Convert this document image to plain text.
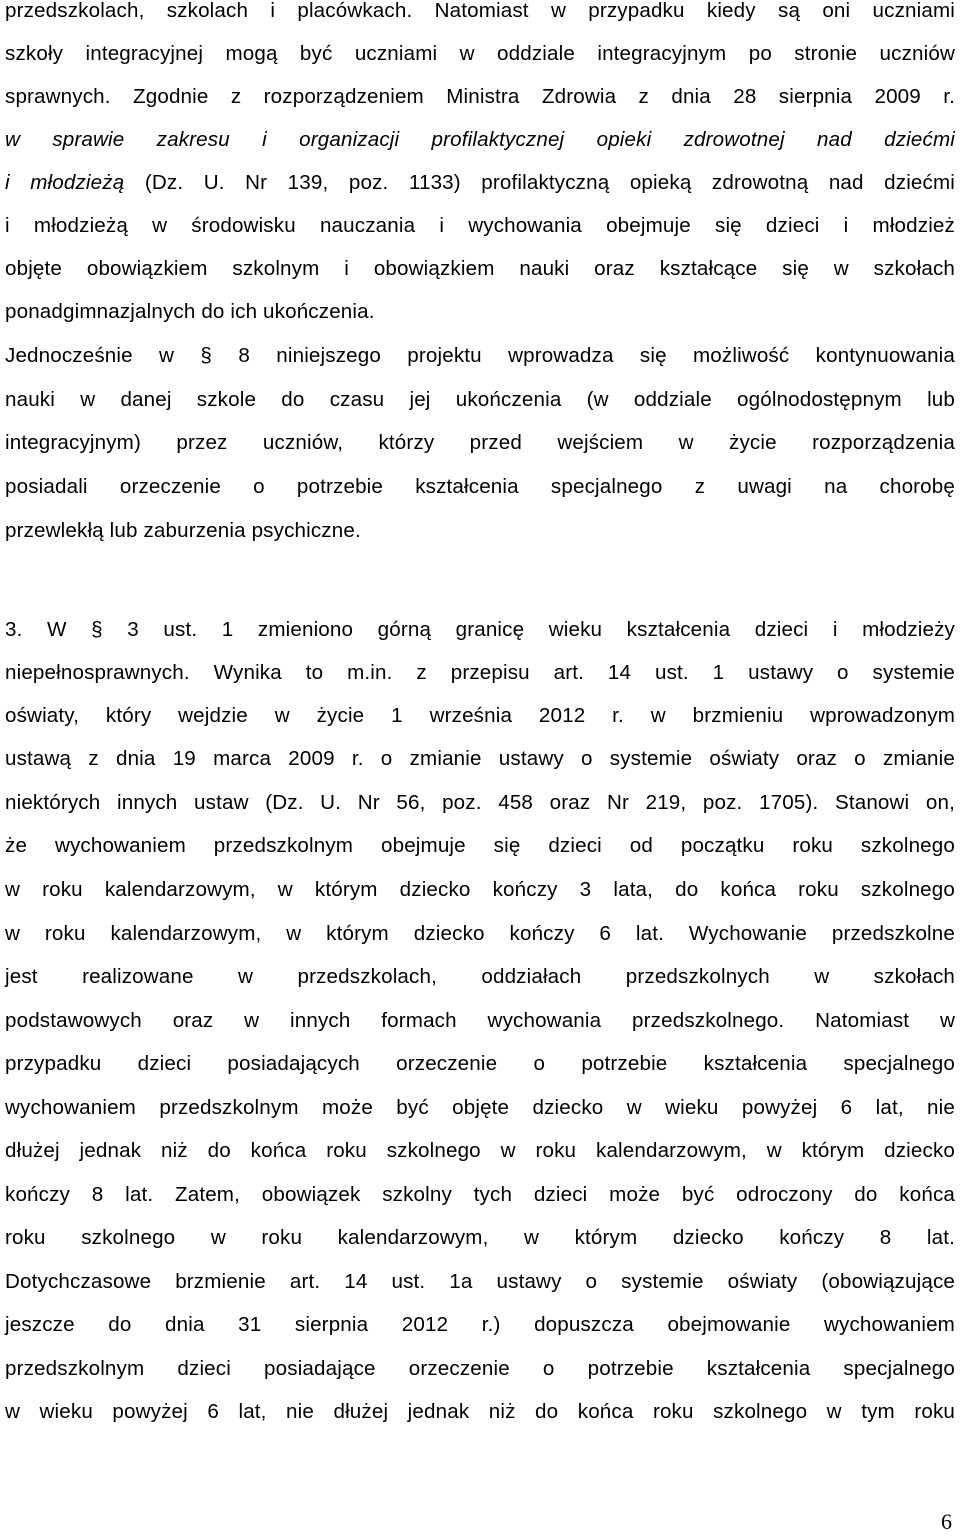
przedszkolach, szkolach i placówkach. Natomiast w przypadku kiedy są oni uczniami
szkoły integracyjnej mogą być uczniami w oddziale integracyjnym po stronie uczniów
sprawnych. Zgodnie z rozporządzeniem Ministra Zdrowia z dnia 28 sierpnia 2009 r.
w sprawie zakresu i organizacji profilaktycznej opieki zdrowotnej nad dziećmi
i młodzieżą (Dz. U. Nr 139, poz. 1133) profilaktyczną opieką zdrowotną nad dziećmi
i młodzieżą w środowisku nauczania i wychowania obejmuje się dzieci i młodzież
objęte obowiązkiem szkolnym i obowiązkiem nauki oraz kształcące się w szkołach
ponadgimnazjalnych do ich ukończenia.
Jednocześnie w § 8 niniejszego projektu wprowadza się możliwość kontynuowania
nauki w danej szkole do czasu jej ukończenia (w oddziale ogólnodostępnym lub
integracyjnym) przez uczniów, którzy przed wejściem w życie rozporządzenia
posiadali orzeczenie o potrzebie kształcenia specjalnego z uwagi na chorobę
przewlekłą lub zaburzenia psychiczne.
3. W § 3 ust. 1 zmieniono górną granicę wieku kształcenia dzieci i młodzieży
niepełnosprawnych. Wynika to m.in. z przepisu art. 14 ust. 1 ustawy o systemie
oświaty, który wejdzie w życie 1 września 2012 r. w brzmieniu wprowadzonym
ustawą z dnia 19 marca 2009 r. o zmianie ustawy o systemie oświaty oraz o zmianie
niektórych innych ustaw (Dz. U. Nr 56, poz. 458 oraz Nr 219, poz. 1705). Stanowi on,
że wychowaniem przedszkolnym obejmuje się dzieci od początku roku szkolnego
w roku kalendarzowym, w którym dziecko kończy 3 lata, do końca roku szkolnego
w roku kalendarzowym, w którym dziecko kończy 6 lat. Wychowanie przedszkolne
jest realizowane w przedszkolach, oddziałach przedszkolnych w szkołach
podstawowych oraz w innych formach wychowania przedszkolnego. Natomiast w
przypadku dzieci posiadających orzeczenie o potrzebie kształcenia specjalnego
wychowaniem przedszkolnym może być objęte dziecko w wieku powyżej 6 lat, nie
dłużej jednak niż do końca roku szkolnego w roku kalendarzowym, w którym dziecko
kończy 8 lat. Zatem, obowiązek szkolny tych dzieci może być odroczony do końca
roku szkolnego w roku kalendarzowym, w którym dziecko kończy 8 lat.
Dotychczasowe brzmienie art. 14 ust. 1a ustawy o systemie oświaty (obowiązujące
jeszcze do dnia 31 sierpnia 2012 r.) dopuszcza obejmowanie wychowaniem
przedszkolnym dzieci posiadające orzeczenie o potrzebie kształcenia specjalnego
w wieku powyżej 6 lat, nie dłużej jednak niż do końca roku szkolnego w tym roku
6
